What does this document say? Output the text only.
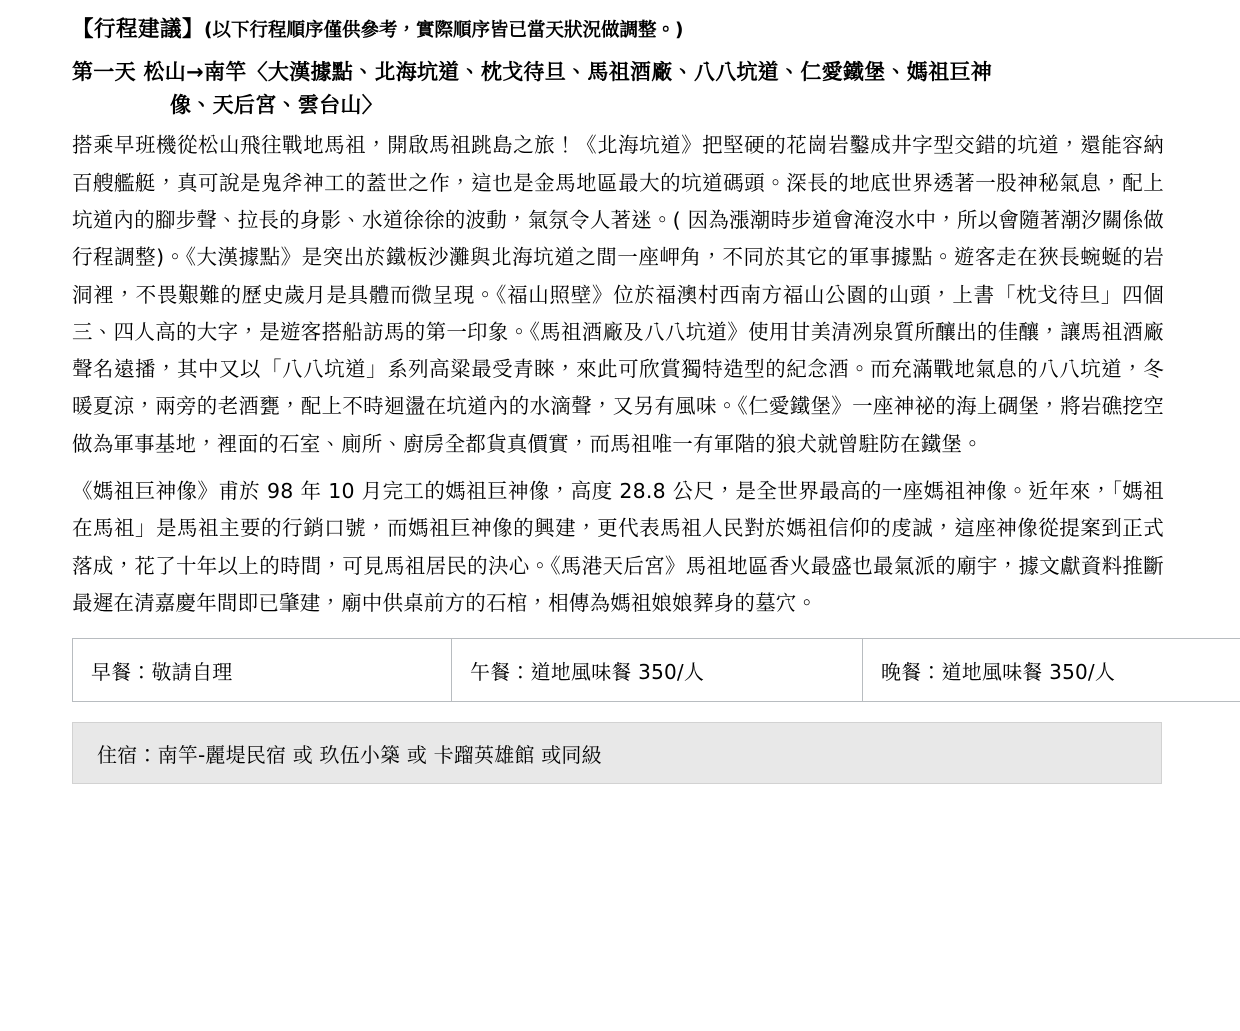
【行程建議】(以下行程順序僅供參考，實際順序皆已當天狀況做調整。)
第一天 松山→南竿〈大漢據點、北海坑道、枕戈待旦、馬祖酒廠、八八坑道、仁愛鐵堡、媽祖巨神
像、天后宮、雲台山〉

搭乘早班機從松山飛往戰地馬祖，開啟馬祖跳島之旅！《北海坑道》把堅硬的花崗岩鑿成井字型交錯的坑道，還能容納百艘艦艇，真可說是鬼斧神工的蓋世之作，這也是金馬地區最大的坑道碼頭。深長的地底世界透著一股神秘氣息，配上坑道內的腳步聲、拉長的身影、水道徐徐的波動，氣氛令人著迷。( 因為漲潮時步道會淹沒水中，所以會隨著潮汐關係做行程調整)。《大漢據點》是突出於鐵板沙灘與北海坑道之間一座岬角，不同於其它的軍事據點。遊客走在狹長蜿蜒的岩洞裡，不畏艱難的歷史歲月是具體而微呈現。《福山照壁》位於福澳村西南方福山公園的山頭，上書「枕戈待旦」四個三、四人高的大字，是遊客搭船訪馬的第一印象。《馬祖酒廠及八八坑道》使用甘美清冽泉質所釀出的佳釀，讓馬祖酒廠聲名遠播，其中又以「八八坑道」系列高粱最受青睞，來此可欣賞獨特造型的紀念酒。而充滿戰地氣息的八八坑道，冬暖夏涼，兩旁的老酒甕，配上不時迴盪在坑道內的水滴聲，又另有風味。《仁愛鐵堡》一座神祕的海上碉堡，將岩礁挖空做為軍事基地，裡面的石室、廁所、廚房全都貨真價實，而馬祖唯一有軍階的狼犬就曾駐防在鐵堡。

《媽祖巨神像》甫於 98 年 10 月完工的媽祖巨神像，高度 28.8 公尺，是全世界最高的一座媽祖神像。近年來，「媽祖在馬祖」是馬祖主要的行銷口號，而媽祖巨神像的興建，更代表馬祖人民對於媽祖信仰的虔誠，這座神像從提案到正式落成，花了十年以上的時間，可見馬祖居民的決心。《馬港天后宮》馬祖地區香火最盛也最氣派的廟宇，據文獻資料推斷最遲在清嘉慶年間即已肇建，廟中供桌前方的石棺，相傳為媽祖娘娘葬身的墓穴。

早餐：敬請自理	午餐：道地風味餐 350/人	晚餐：道地風味餐 350/人
住宿：南竿-麗堤民宿 或 玖伍小築 或 卡蹓英雄館 或同級
